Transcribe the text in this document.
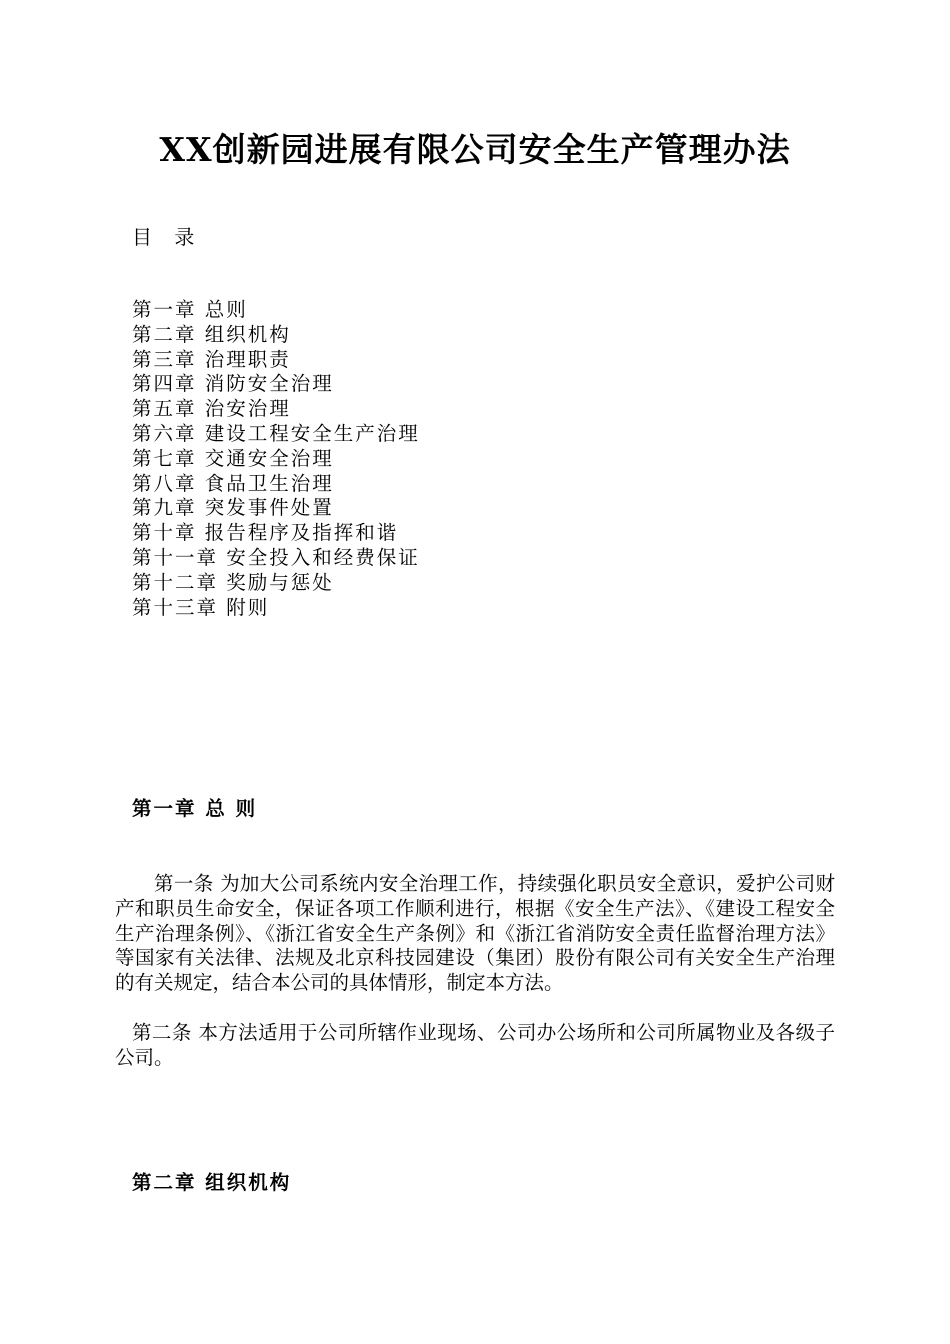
XX创新园进展有限公司安全生产管理办法

目 录

第一章 总则
第二章 组织机构
第三章 治理职责
第四章 消防安全治理
第五章 治安治理
第六章 建设工程安全生产治理
第七章 交通安全治理
第八章 食品卫生治理
第九章 突发事件处置
第十章 报告程序及指挥和谐
第十一章 安全投入和经费保证
第十二章 奖励与惩处
第十三章 附则
第一章 总 则

第一条 为加大公司系统内安全治理工作，持续强化职员安全意识，爱护公司财产和职员生命安全，保证各项工作顺利进行，根据《安全生产法》、《建设工程安全生产治理条例》、《浙江省安全生产条例》和《浙江省消防安全责任监督治理方法》等国家有关法律、法规及北京科技园建设（集团）股份有限公司有关安全生产治理的有关规定，结合本公司的具体情形，制定本方法。

第二条 本方法适用于公司所辖作业现场、公司办公场所和公司所属物业及各级子公司。

第二章 组织机构
